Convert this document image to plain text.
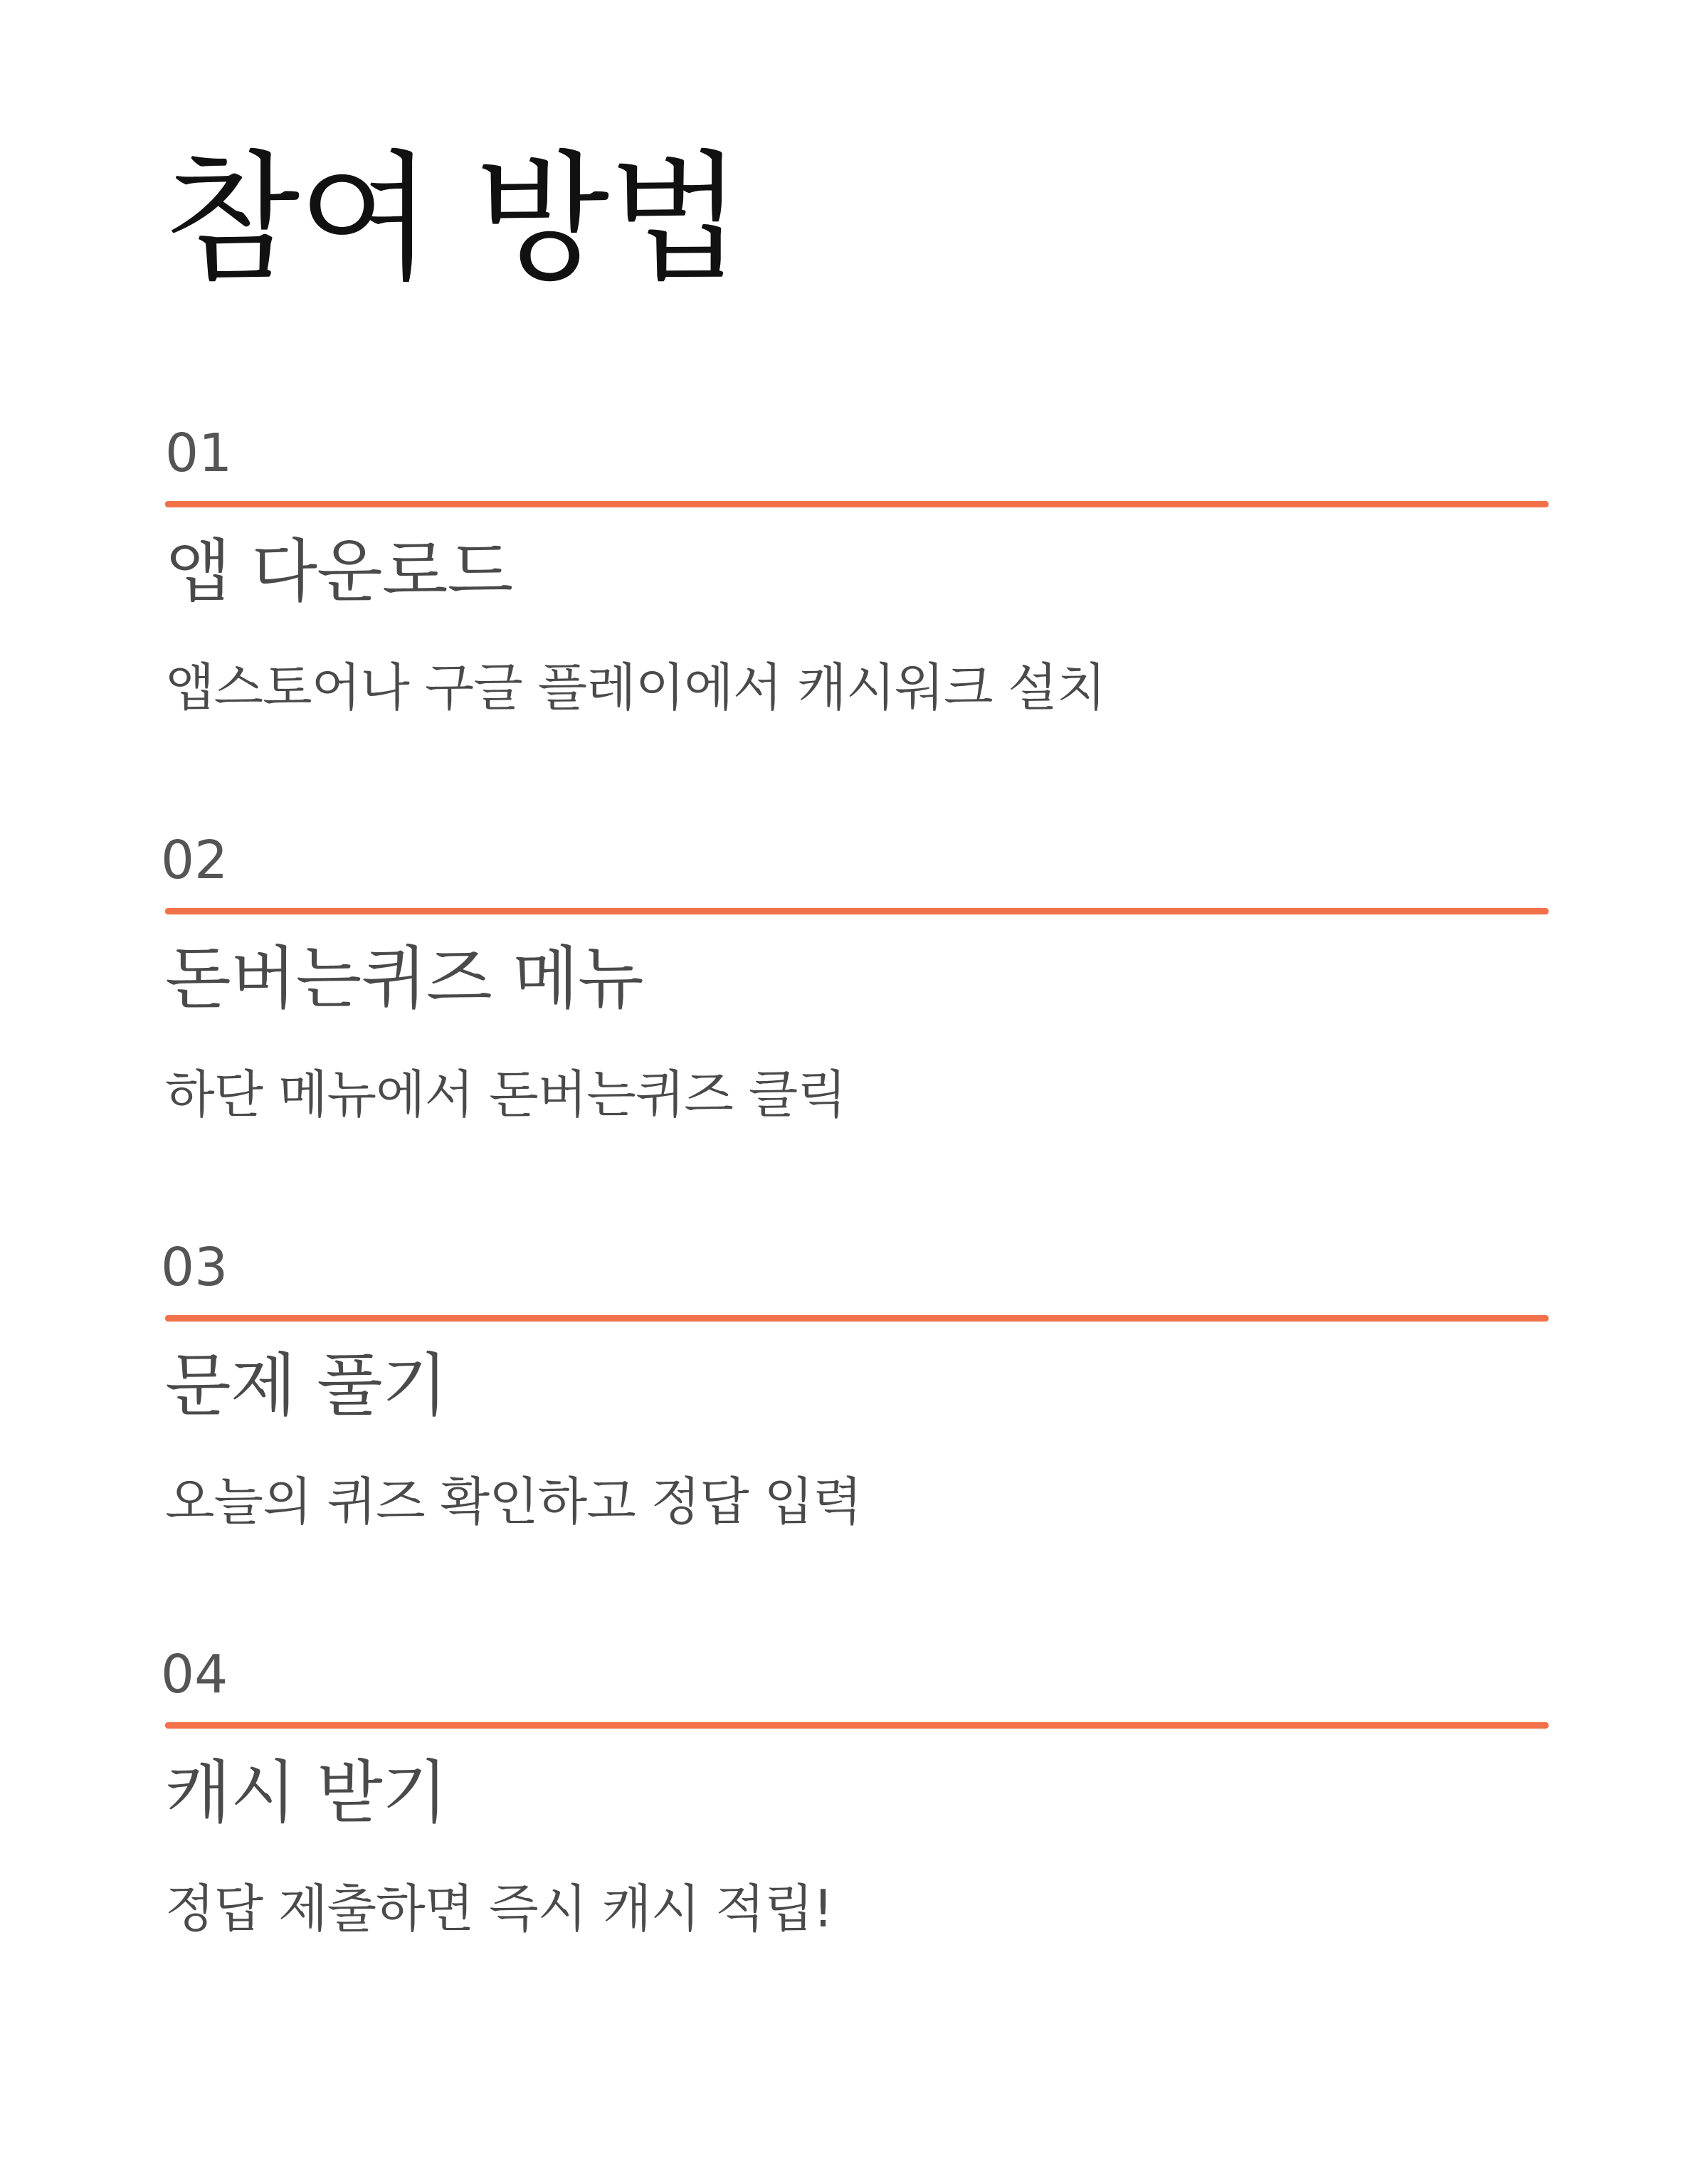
참여 방법
01
앱 다운로드

앱스토어나 구글 플레이에서 캐시워크 설치

02
돈버는퀴즈 메뉴

하단 메뉴에서 돈버는퀴즈 클릭

03
문제 풀기

오늘의 퀴즈 확인하고 정답 입력

04
캐시 받기

정답 제출하면 즉시 캐시 적립!
